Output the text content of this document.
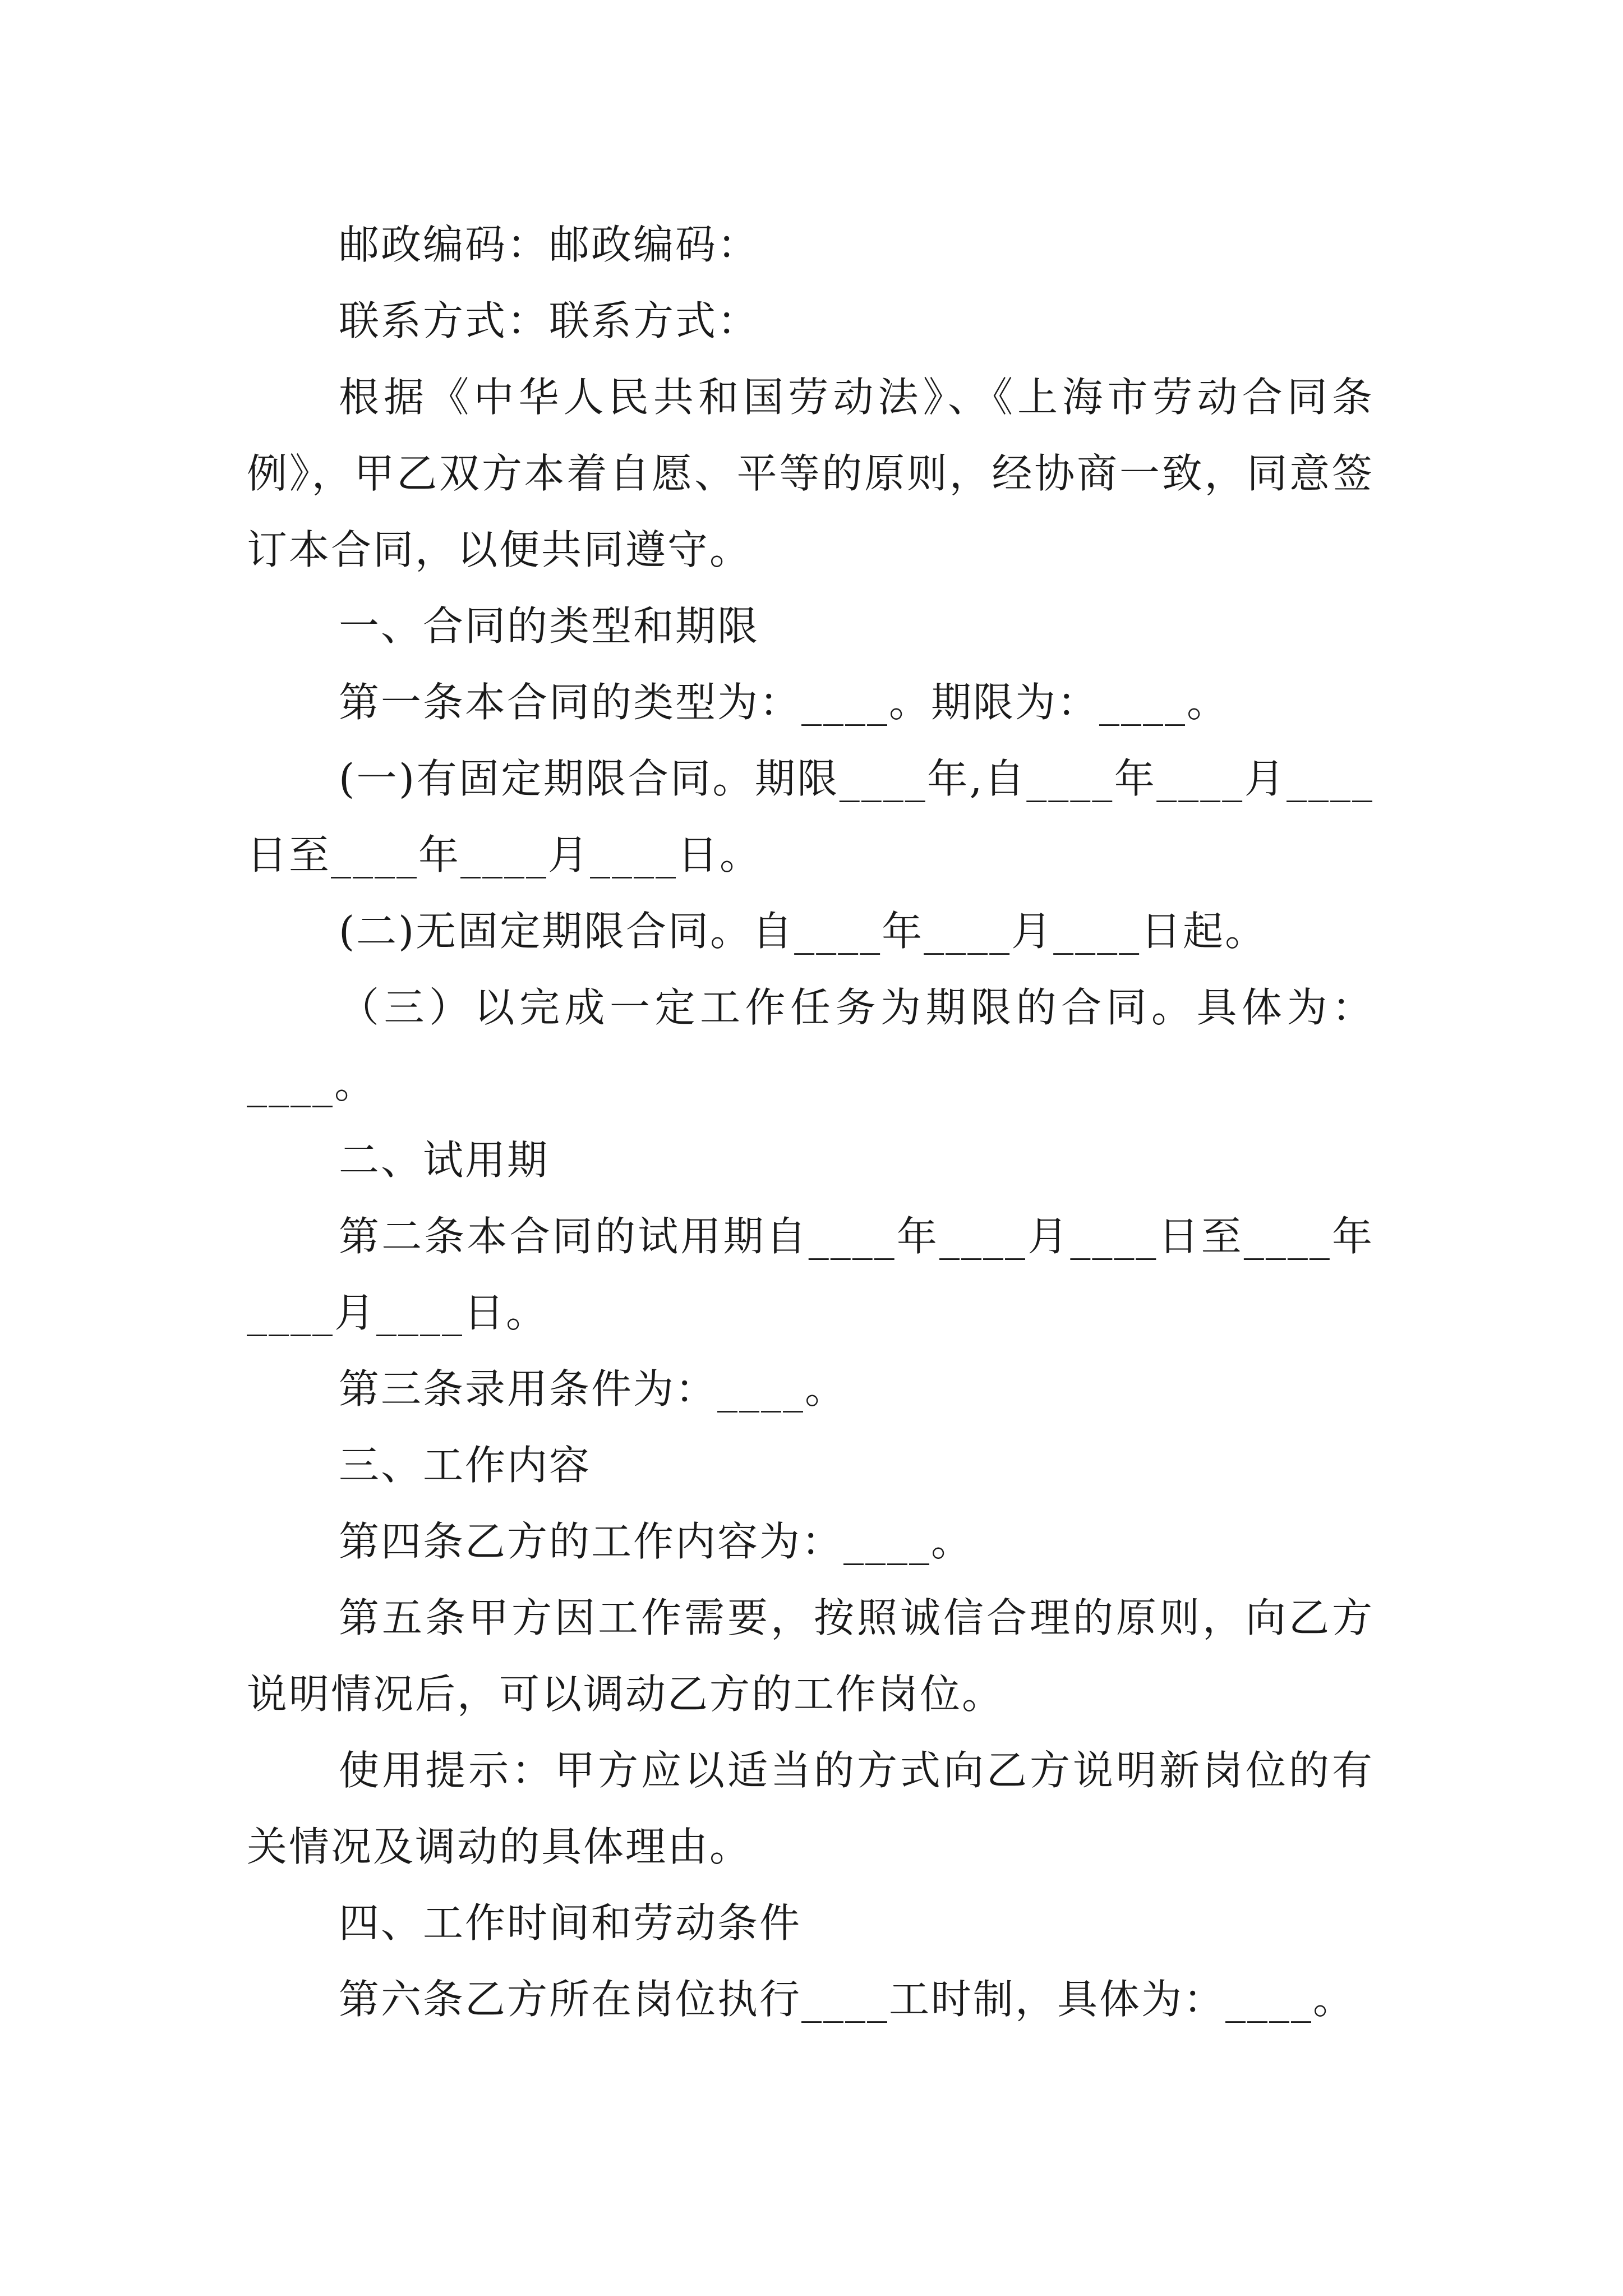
邮政编码：邮政编码：

联系方式：联系方式：

根据《中华人民共和国劳动法》、《上海市劳动合同条例》，甲乙双方本着自愿、平等的原则，经协商一致，同意签订本合同，以便共同遵守。

一、合同的类型和期限

第一条本合同的类型为：____。期限为：____。

(一)有固定期限合同。期限____年,自____年____月____日至____年____月____日。

(二)无固定期限合同。自____年____月____日起。

（三）以完成一定工作任务为期限的合同。具体为：____。

二、试用期

第二条本合同的试用期自____年____月____日至____年____月____日。

第三条录用条件为：____。

三、工作内容

第四条乙方的工作内容为：____。

第五条甲方因工作需要，按照诚信合理的原则，向乙方说明情况后，可以调动乙方的工作岗位。

使用提示：甲方应以适当的方式向乙方说明新岗位的有关情况及调动的具体理由。

四、工作时间和劳动条件

第六条乙方所在岗位执行____工时制，具体为：____。
